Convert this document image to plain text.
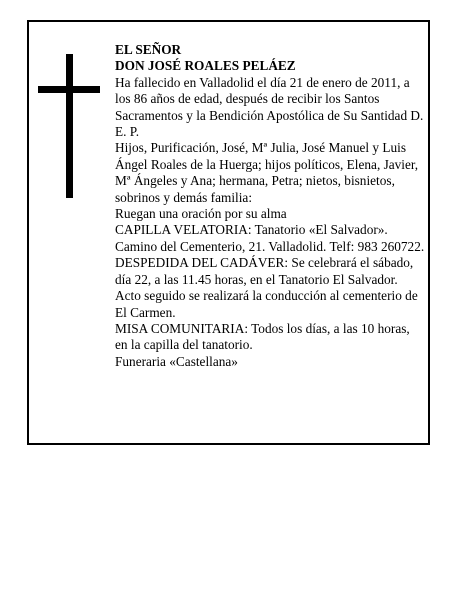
EL SEÑOR

DON JOSÉ ROALES PELÁEZ

Ha fallecido en Valladolid el día 21 de enero de 2011, a los 86 años de edad, después de recibir los Santos Sacramentos y la Bendición Apostólica de Su Santidad D. E. P.

Hijos, Purificación, José, Mª Julia, José Manuel y Luis Ángel Roales de la Huerga; hijos políticos, Elena, Javier, Mª Ángeles y Ana; hermana, Petra; nietos, bisnietos, sobrinos y demás familia:

Ruegan una oración por su alma

CAPILLA VELATORIA: Tanatorio «El Salvador». Camino del Cementerio, 21. Valladolid. Telf: 983 260722.

DESPEDIDA DEL CADÁVER: Se celebrará el sábado, día 22, a las 11.45 horas, en el Tanatorio El Salvador. Acto seguido se realizará la conducción al cementerio de El Carmen.

MISA COMUNITARIA: Todos los días, a las 10 horas, en la capilla del tanatorio.

Funeraria «Castellana»
